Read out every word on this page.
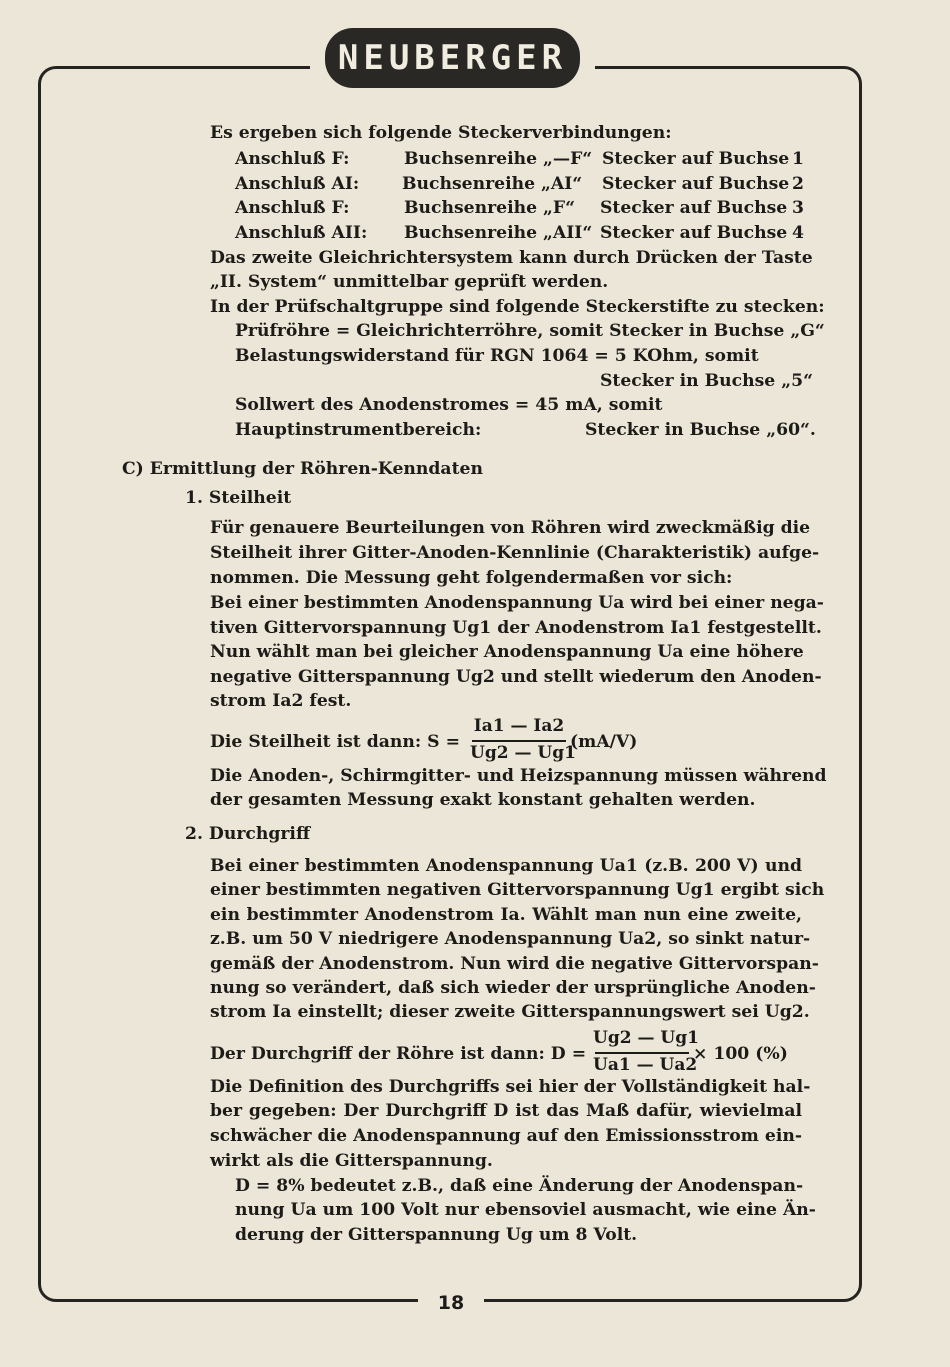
NEUBERGER
18
Es ergeben sich folgende Steckerverbindungen:
Anschluß F:	Buchsenreihe „—F“ Stecker auf Buchse 1
Anschluß AI: Buchsenreihe „AI“ Stecker auf Buchse 2
Anschluß F:	Buchsenreihe „F“ Stecker auf Buchse 3
Anschluß AII: Buchsenreihe „AII“ Stecker auf Buchse 4
Das zweite Gleichrichtersystem kann durch Drücken der Taste
„II. System“ unmittelbar geprüft werden.
In der Prüfschaltgruppe sind folgende Steckerstifte zu stecken:
Prüfröhre = Gleichrichterröhre, somit Stecker in Buchse „G“
Belastungswiderstand für RGN 1064 = 5 KOhm, somit
Stecker in Buchse „5“
Sollwert des Anodenstromes = 45 mA, somit
Hauptinstrumentbereich:	Stecker in Buchse „60“.
C) Ermittlung der Röhren-Kenndaten
1. Steilheit
Für genauere Beurteilungen von Röhren wird zweckmäßig die
Steilheit ihrer Gitter-Anoden-Kennlinie (Charakteristik) aufge-
nommen. Die Messung geht folgendermaßen vor sich:
Bei einer bestimmten Anodenspannung Ua wird bei einer nega-
tiven Gittervorspannung Ug1 der Anodenstrom Ia1 festgestellt.
Nun wählt man bei gleicher Anodenspannung Ua eine höhere
negative Gitterspannung Ug2 und stellt wiederum den Anoden-
strom Ia2 fest.
Die Steilheit ist dann: S =
Ia1 — Ia2
Ug2 — Ug1
(mA/V)
Die Anoden-, Schirmgitter- und Heizspannung müssen während
der gesamten Messung exakt konstant gehalten werden.
2. Durchgriff
Bei einer bestimmten Anodenspannung Ua1 (z.B. 200 V) und
einer bestimmten negativen Gittervorspannung Ug1 ergibt sich
ein bestimmter Anodenstrom Ia. Wählt man nun eine zweite,
z.B. um 50 V niedrigere Anodenspannung Ua2, so sinkt natur-
gemäß der Anodenstrom. Nun wird die negative Gittervorspan-
nung so verändert, daß sich wieder der ursprüngliche Anoden-
strom Ia einstellt; dieser zweite Gitterspannungswert sei Ug2.
Der Durchgriff der Röhre ist dann: D =
Ug2 — Ug1
Ua1 — Ua2
× 100 (%)
Die Definition des Durchgriffs sei hier der Vollständigkeit hal-
ber gegeben: Der Durchgriff D ist das Maß dafür, wievielmal
schwächer die Anodenspannung auf den Emissionsstrom ein-
wirkt als die Gitterspannung.
D = 8% bedeutet z.B., daß eine Änderung der Anodenspan-
nung Ua um 100 Volt nur ebensoviel ausmacht, wie eine Än-
derung der Gitterspannung Ug um 8 Volt.
